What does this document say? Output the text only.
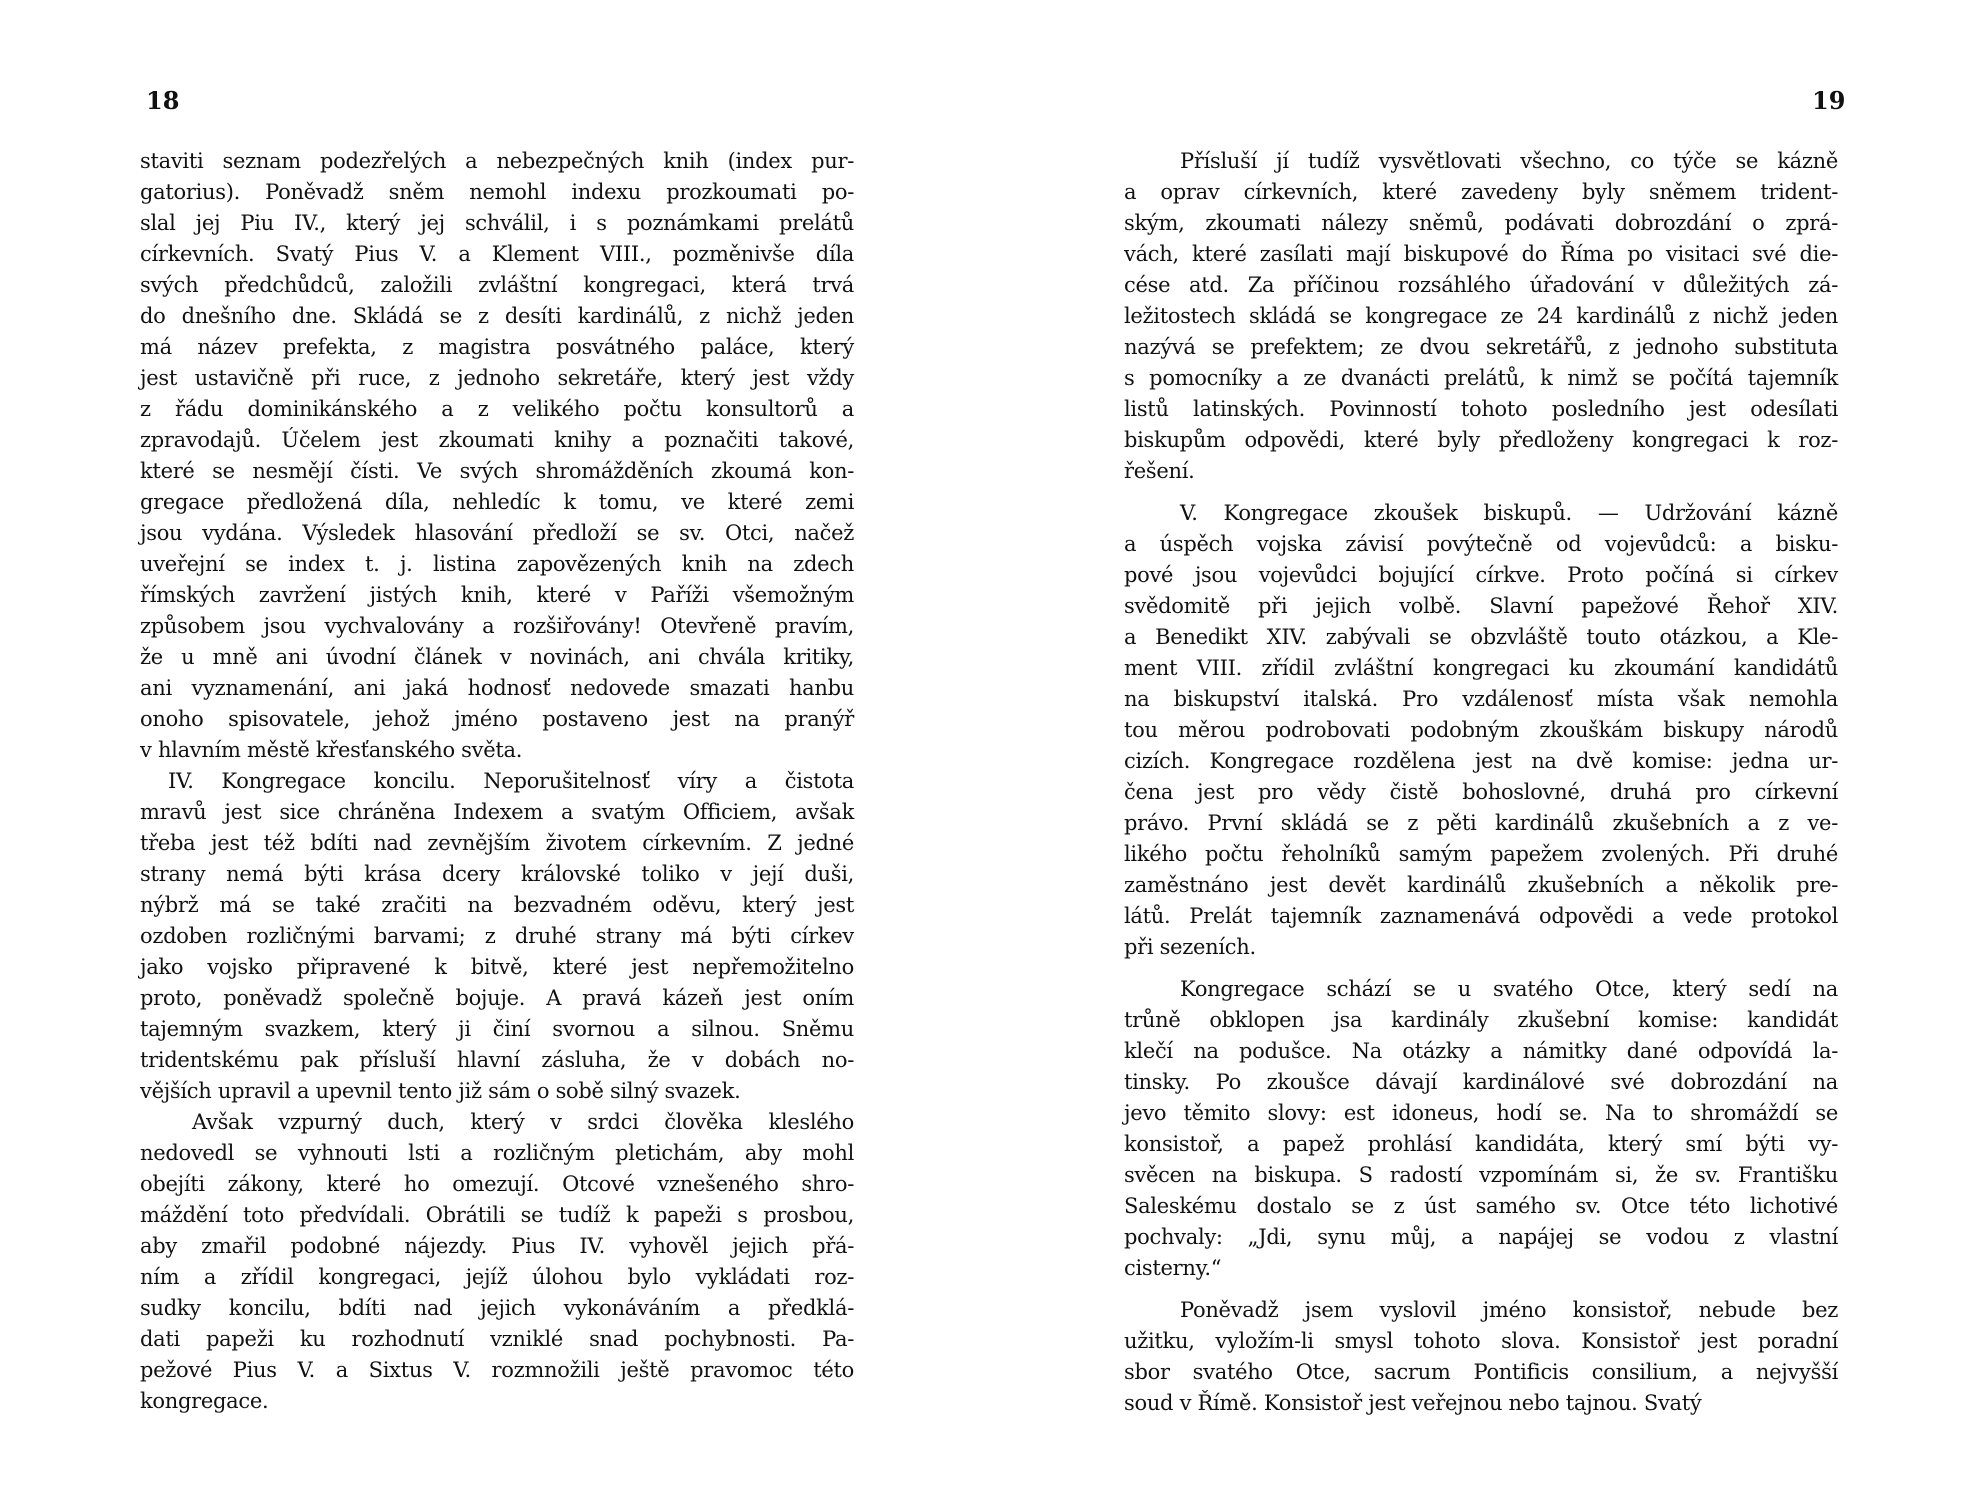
18	19
staviti seznam podezřelých a nebezpečných knih (index pur-
gatorius). Poněvadž sněm nemohl indexu prozkoumati po-
slal jej Piu IV., který jej schválil, i s poznámkami prelátů
církevních. Svatý Pius V. a Klement VIII., pozměnivše díla
svých předchůdců, založili zvláštní kongregaci, která trvá
do dnešního dne. Skládá se z desíti kardinálů, z nichž jeden
má název prefekta, z magistra posvátného paláce, který
jest ustavičně při ruce, z jednoho sekretáře, který jest vždy
z řádu dominikánského a z velikého počtu konsultorů a
zpravodajů. Účelem jest zkoumati knihy a poznačiti takové,
které se nesmějí čísti. Ve svých shromážděních zkoumá kon-
gregace předložená díla, nehledíc k tomu, ve které zemi
jsou vydána. Výsledek hlasování předloží se sv. Otci, načež
uveřejní se index t. j. listina zapovězených knih na zdech
římských zavržení jistých knih, které v Paříži všemožným
způsobem jsou vychvalovány a rozšiřovány! Otevřeně pravím,
že u mně ani úvodní článek v novinách, ani chvála kritiky,
ani vyznamenání, ani jaká hodnosť nedovede smazati hanbu
onoho spisovatele, jehož jméno postaveno jest na pranýř
v hlavním městě křesťanského světa.
IV. Kongregace koncilu. Neporušitelnosť víry a čistota
mravů jest sice chráněna Indexem a svatým Officiem, avšak
třeba jest též bdíti nad zevnějším životem církevním. Z jedné
strany nemá býti krása dcery královské toliko v její duši,
nýbrž má se také zračiti na bezvadném oděvu, který jest
ozdoben rozličnými barvami; z druhé strany má býti církev
jako vojsko připravené k bitvě, které jest nepřemožitelno
proto, poněvadž společně bojuje. A pravá kázeň jest oním
tajemným svazkem, který ji činí svornou a silnou. Sněmu
tridentskému pak přísluší hlavní zásluha, že v dobách no-
vějších upravil a upevnil tento již sám o sobě silný svazek.
Avšak vzpurný duch, který v srdci člověka kleslého
nedovedl se vyhnouti lsti a rozličným pletichám, aby mohl
obejíti zákony, které ho omezují. Otcové vznešeného shro-
máždění toto předvídali. Obrátili se tudíž k papeži s prosbou,
aby zmařil podobné nájezdy. Pius IV. vyhověl jejich přá-
ním a zřídil kongregaci, jejíž úlohou bylo vykládati roz-
sudky koncilu, bdíti nad jejich vykonáváním a předklá-
dati papeži ku rozhodnutí vzniklé snad pochybnosti. Pa-
pežové Pius V. a Sixtus V. rozmnožili ještě pravomoc této
kongregace.
Přísluší jí tudíž vysvětlovati všechno, co týče se kázně
a oprav církevních, které zavedeny byly sněmem trident-
ským, zkoumati nálezy sněmů, podávati dobrozdání o zprá-
vách, které zasílati mají biskupové do Říma po visitaci své die-
cése atd. Za příčinou rozsáhlého úřadování v důležitých zá-
ležitostech skládá se kongregace ze 24 kardinálů z nichž jeden
nazývá se prefektem; ze dvou sekretářů, z jednoho substituta
s pomocníky a ze dvanácti prelátů, k nimž se počítá tajemník
listů latinských. Povinností tohoto posledního jest odesílati
biskupům odpovědi, které byly předloženy kongregaci k roz-
řešení.
V. Kongregace zkoušek biskupů. — Udržování kázně
a úspěch vojska závisí povýtečně od vojevůdců: a bisku-
pové jsou vojevůdci bojující církve. Proto počíná si církev
svědomitě při jejich volbě. Slavní papežové Řehoř XIV.
a Benedikt XIV. zabývali se obzvláště touto otázkou, a Kle-
ment VIII. zřídil zvláštní kongregaci ku zkoumání kandidátů
na biskupství italská. Pro vzdálenosť místa však nemohla
tou měrou podrobovati podobným zkouškám biskupy národů
cizích. Kongregace rozdělena jest na dvě komise: jedna ur-
čena jest pro vědy čistě bohoslovné, druhá pro církevní
právo. První skládá se z pěti kardinálů zkušebních a z ve-
likého počtu řeholníků samým papežem zvolených. Při druhé
zaměstnáno jest devět kardinálů zkušebních a několik pre-
látů. Prelát tajemník zaznamenává odpovědi a vede protokol
při sezeních.
Kongregace schází se u svatého Otce, který sedí na
trůně obklopen jsa kardinály zkušební komise: kandidát
klečí na podušce. Na otázky a námitky dané odpovídá la-
tinsky. Po zkoušce dávají kardinálové své dobrozdání na
jevo těmito slovy: est idoneus, hodí se. Na to shromáždí se
konsistoř, a papež prohlásí kandidáta, který smí býti vy-
svěcen na biskupa. S radostí vzpomínám si, že sv. Františku
Saleskému dostalo se z úst samého sv. Otce této lichotivé
pochvaly: „Jdi, synu můj, a napájej se vodou z vlastní
cisterny.“
Poněvadž jsem vyslovil jméno konsistoř, nebude bez
užitku, vyložím-li smysl tohoto slova. Konsistoř jest poradní
sbor svatého Otce, sacrum Pontificis consilium, a nejvyšší
soud v Římě. Konsistoř jest veřejnou nebo tajnou. Svatý
